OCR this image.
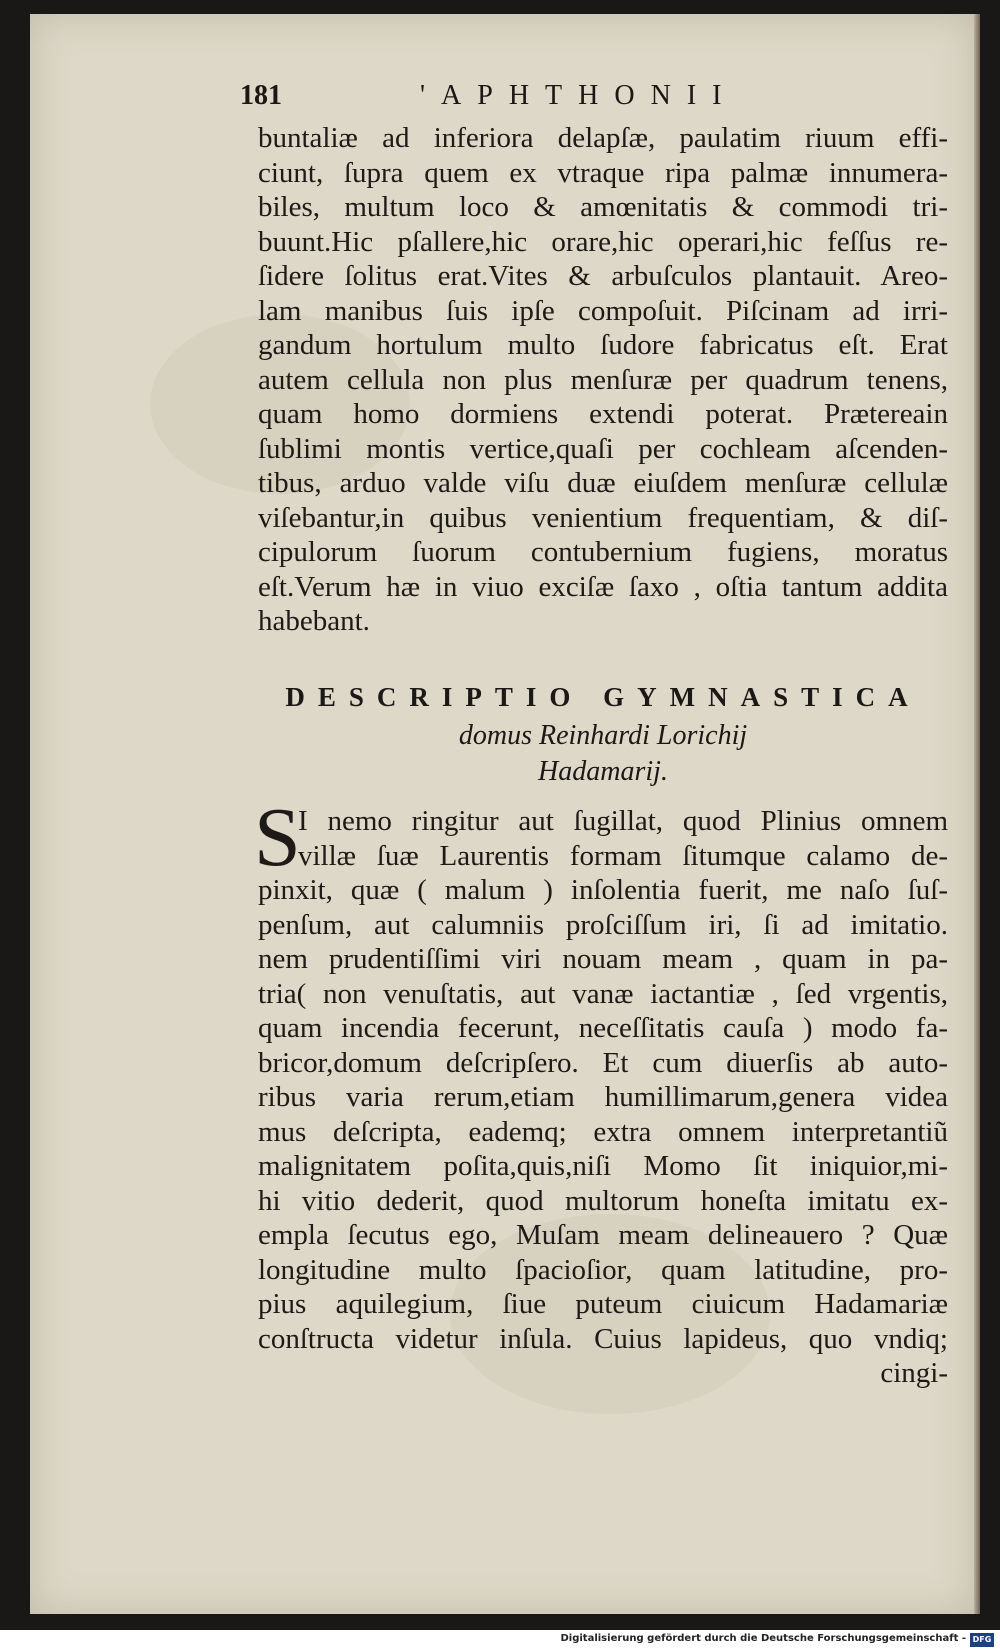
181	'APHTHONII
buntaliæ ad inferiora delapſæ, paulatim riuum effi-
ciunt, ſupra quem ex vtraque ripa palmæ innumera-
biles, multum loco & amœnitatis & commodi tri-
buunt.Hic pſallere,hic orare,hic operari,hic feſſus re-
ſidere ſolitus erat.Vites & arbuſculos plantauit. Areo-
lam manibus ſuis ipſe compoſuit. Piſcinam ad irri-
gandum hortulum multo ſudore fabricatus eſt. Erat
autem cellula non plus menſuræ per quadrum tenens,
quam homo dormiens extendi poterat. Prætereain
ſublimi montis vertice,quaſi per cochleam aſcenden-
tibus, arduo valde viſu duæ eiuſdem menſuræ cellulæ
viſebantur,in quibus venientium frequentiam, & diſ-
cipulorum ſuorum contubernium fugiens, moratus
eſt.Verum hæ in viuo exciſæ ſaxo , oſtia tantum addita
habebant.
DESCRIPTIO GYMNASTICA
domus Reinhardi Lorichij
Hadamarij.
S
I nemo ringitur aut ſugillat, quod Plinius omnem
villæ ſuæ Laurentis formam ſitumque calamo de-
pinxit, quæ ( malum ) inſolentia fuerit, me naſo ſuſ-
penſum, aut calumniis proſciſſum iri, ſi ad imitatio.
nem prudentiſſimi viri nouam meam , quam in pa-
tria( non venuſtatis, aut vanæ iactantiæ , ſed vrgentis,
quam incendia fecerunt, neceſſitatis cauſa ) modo fa-
bricor,domum deſcripſero. Et cum diuerſis ab auto-
ribus varia rerum,etiam humillimarum,genera videa
mus deſcripta, eademq; extra omnem interpretantiũ
malignitatem poſita,quis,niſi Momo ſit iniquior,mi-
hi vitio dederit, quod multorum honeſta imitatu ex-
empla ſecutus ego, Muſam meam delineauero ? Quæ
longitudine multo ſpacioſior, quam latitudine, pro-
pius aquilegium, ſiue puteum ciuicum Hadamariæ
conſtructa videtur inſula. Cuius lapideus, quo vndiq;
cingi-
Digitalisierung gefördert durch die Deutsche Forschungsgemeinschaft - DFG
